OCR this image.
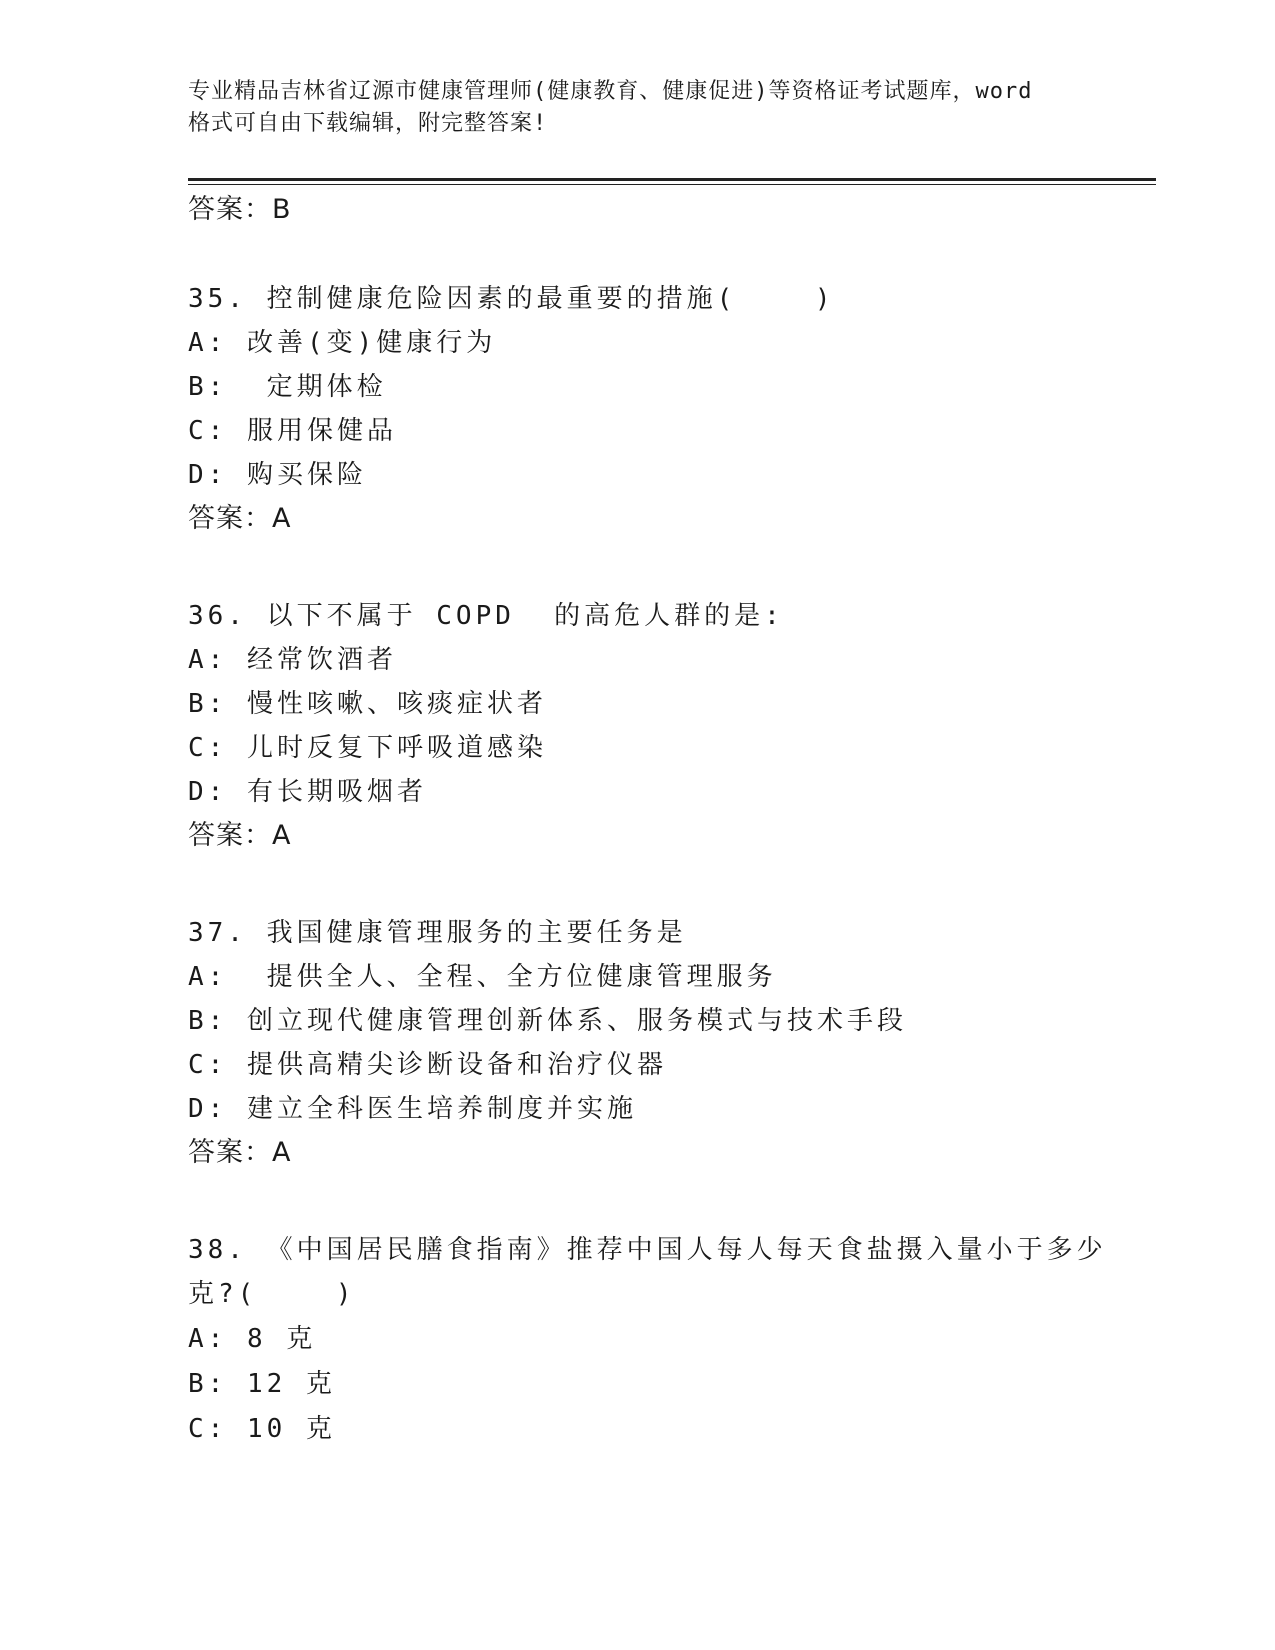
专业精品吉林省辽源市健康管理师(健康教育、健康促进)等资格证考试题库，word
格式可自由下载编辑，附完整答案!
答案：B
35. 控制健康危险因素的最重要的措施(    )
A: 改善(变)健康行为
B:  定期体检
C: 服用保健品
D: 购买保险
答案：A
36. 以下不属于 COPD  的高危人群的是:
A: 经常饮酒者
B: 慢性咳嗽、咳痰症状者
C: 儿时反复下呼吸道感染
D: 有长期吸烟者
答案：A
37. 我国健康管理服务的主要任务是
A:  提供全人、全程、全方位健康管理服务
B: 创立现代健康管理创新体系、服务模式与技术手段
C: 提供高精尖诊断设备和治疗仪器
D: 建立全科医生培养制度并实施
答案：A
38. 《中国居民膳食指南》推荐中国人每人每天食盐摄入量小于多少
克?(    )
A: 8 克
B: 12 克
C: 10 克
